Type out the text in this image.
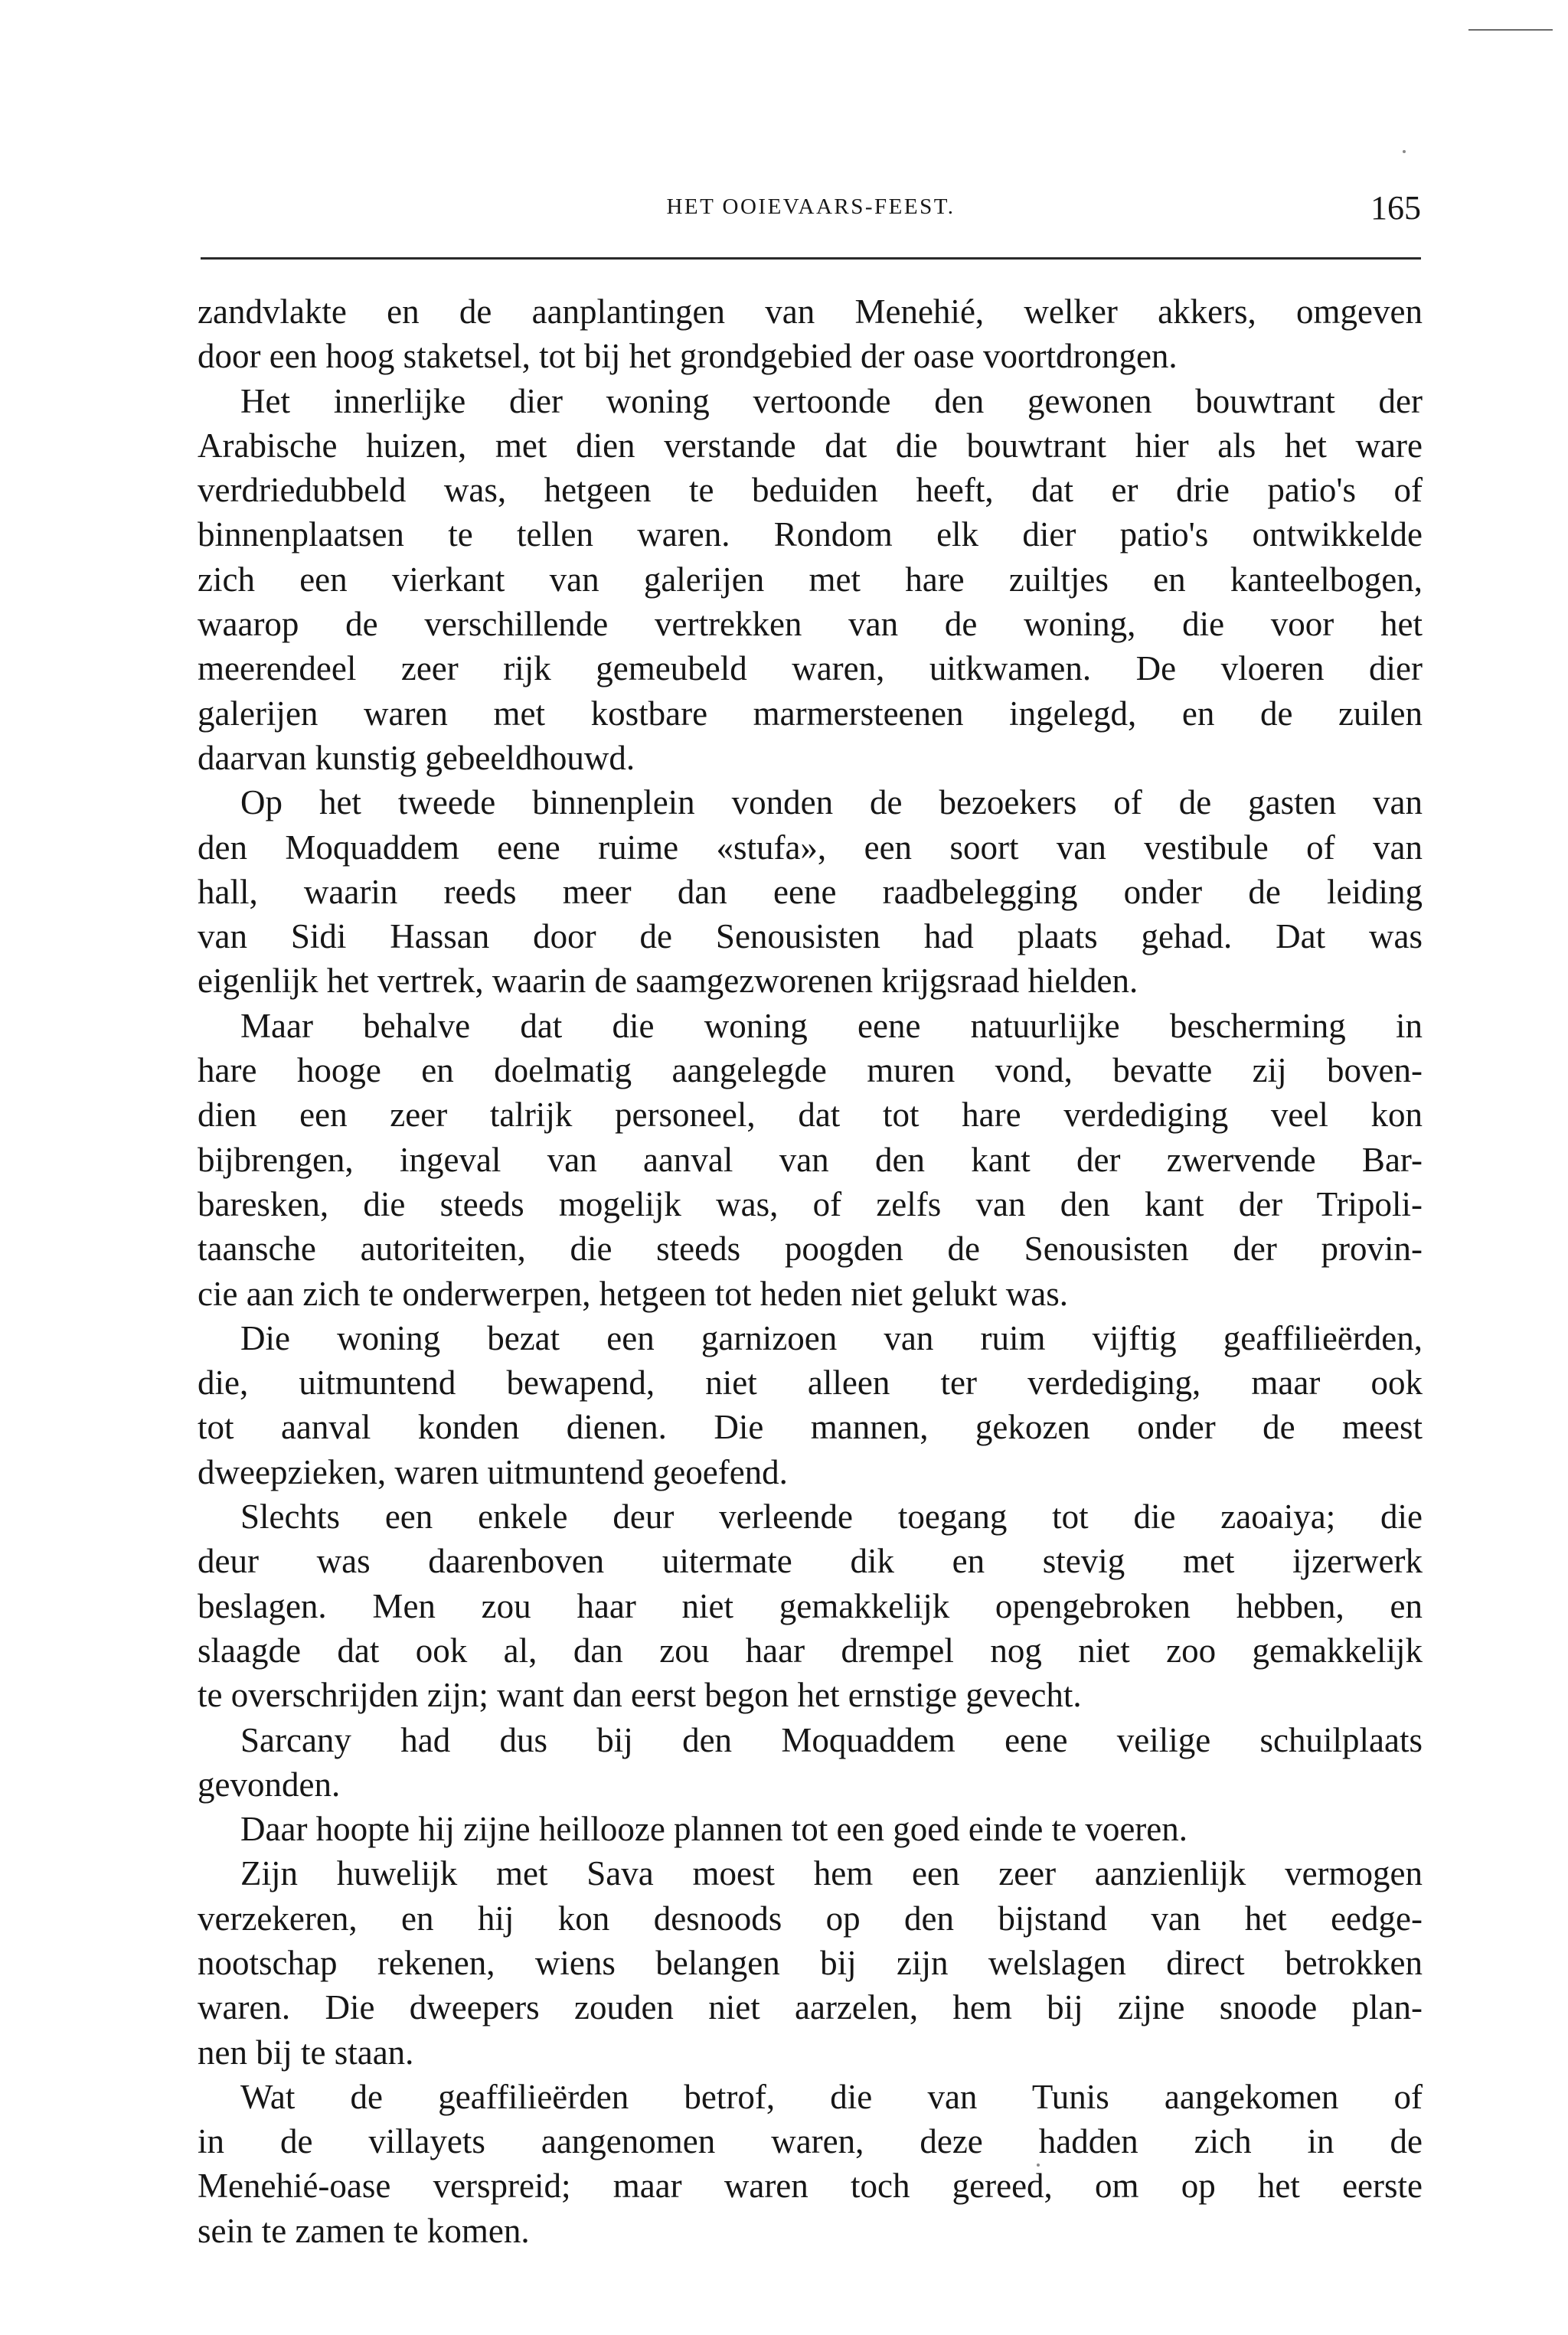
HET OOIEVAARS-FEEST.	165
zandvlakte en de aanplantingen van Menehié, welker akkers, omgeven
door een hoog staketsel, tot bij het grondgebied der oase voortdrongen.
Het innerlijke dier woning vertoonde den gewonen bouwtrant der
Arabische huizen, met dien verstande dat die bouwtrant hier als het ware
verdriedubbeld was, hetgeen te beduiden heeft, dat er drie patio's of
binnenplaatsen te tellen waren. Rondom elk dier patio's ontwikkelde
zich een vierkant van galerijen met hare zuiltjes en kanteelbogen,
waarop de verschillende vertrekken van de woning, die voor het
meerendeel zeer rijk gemeubeld waren, uitkwamen. De vloeren dier
galerijen waren met kostbare marmersteenen ingelegd, en de zuilen
daarvan kunstig gebeeldhouwd.
Op het tweede binnenplein vonden de bezoekers of de gasten van
den Moquaddem eene ruime «stufa», een soort van vestibule of van
hall, waarin reeds meer dan eene raadbelegging onder de leiding
van Sidi Hassan door de Senousisten had plaats gehad. Dat was
eigenlijk het vertrek, waarin de saamgezworenen krijgsraad hielden.
Maar behalve dat die woning eene natuurlijke bescherming in
hare hooge en doelmatig aangelegde muren vond, bevatte zij boven-
dien een zeer talrijk personeel, dat tot hare verdediging veel kon
bijbrengen, ingeval van aanval van den kant der zwervende Bar-
baresken, die steeds mogelijk was, of zelfs van den kant der Tripoli-
taansche autoriteiten, die steeds poogden de Senousisten der provin-
cie aan zich te onderwerpen, hetgeen tot heden niet gelukt was.
Die woning bezat een garnizoen van ruim vijftig geaffilieërden,
die, uitmuntend bewapend, niet alleen ter verdediging, maar ook
tot aanval konden dienen. Die mannen, gekozen onder de meest
dweepzieken, waren uitmuntend geoefend.
Slechts een enkele deur verleende toegang tot die zaoaiya; die
deur was daarenboven uitermate dik en stevig met ijzerwerk
beslagen. Men zou haar niet gemakkelijk opengebroken hebben, en
slaagde dat ook al, dan zou haar drempel nog niet zoo gemakkelijk
te overschrijden zijn; want dan eerst begon het ernstige gevecht.
Sarcany had dus bij den Moquaddem eene veilige schuilplaats
gevonden.
Daar hoopte hij zijne heillooze plannen tot een goed einde te voeren.
Zijn huwelijk met Sava moest hem een zeer aanzienlijk vermogen
verzekeren, en hij kon desnoods op den bijstand van het eedge-
nootschap rekenen, wiens belangen bij zijn welslagen direct betrokken
waren. Die dweepers zouden niet aarzelen, hem bij zijne snoode plan-
nen bij te staan.
Wat de geaffilieërden betrof, die van Tunis aangekomen of
in de villayets aangenomen waren, deze hadden zich in de
Menehié-oase verspreid; maar waren toch gereed, om op het eerste
sein te zamen te komen.
